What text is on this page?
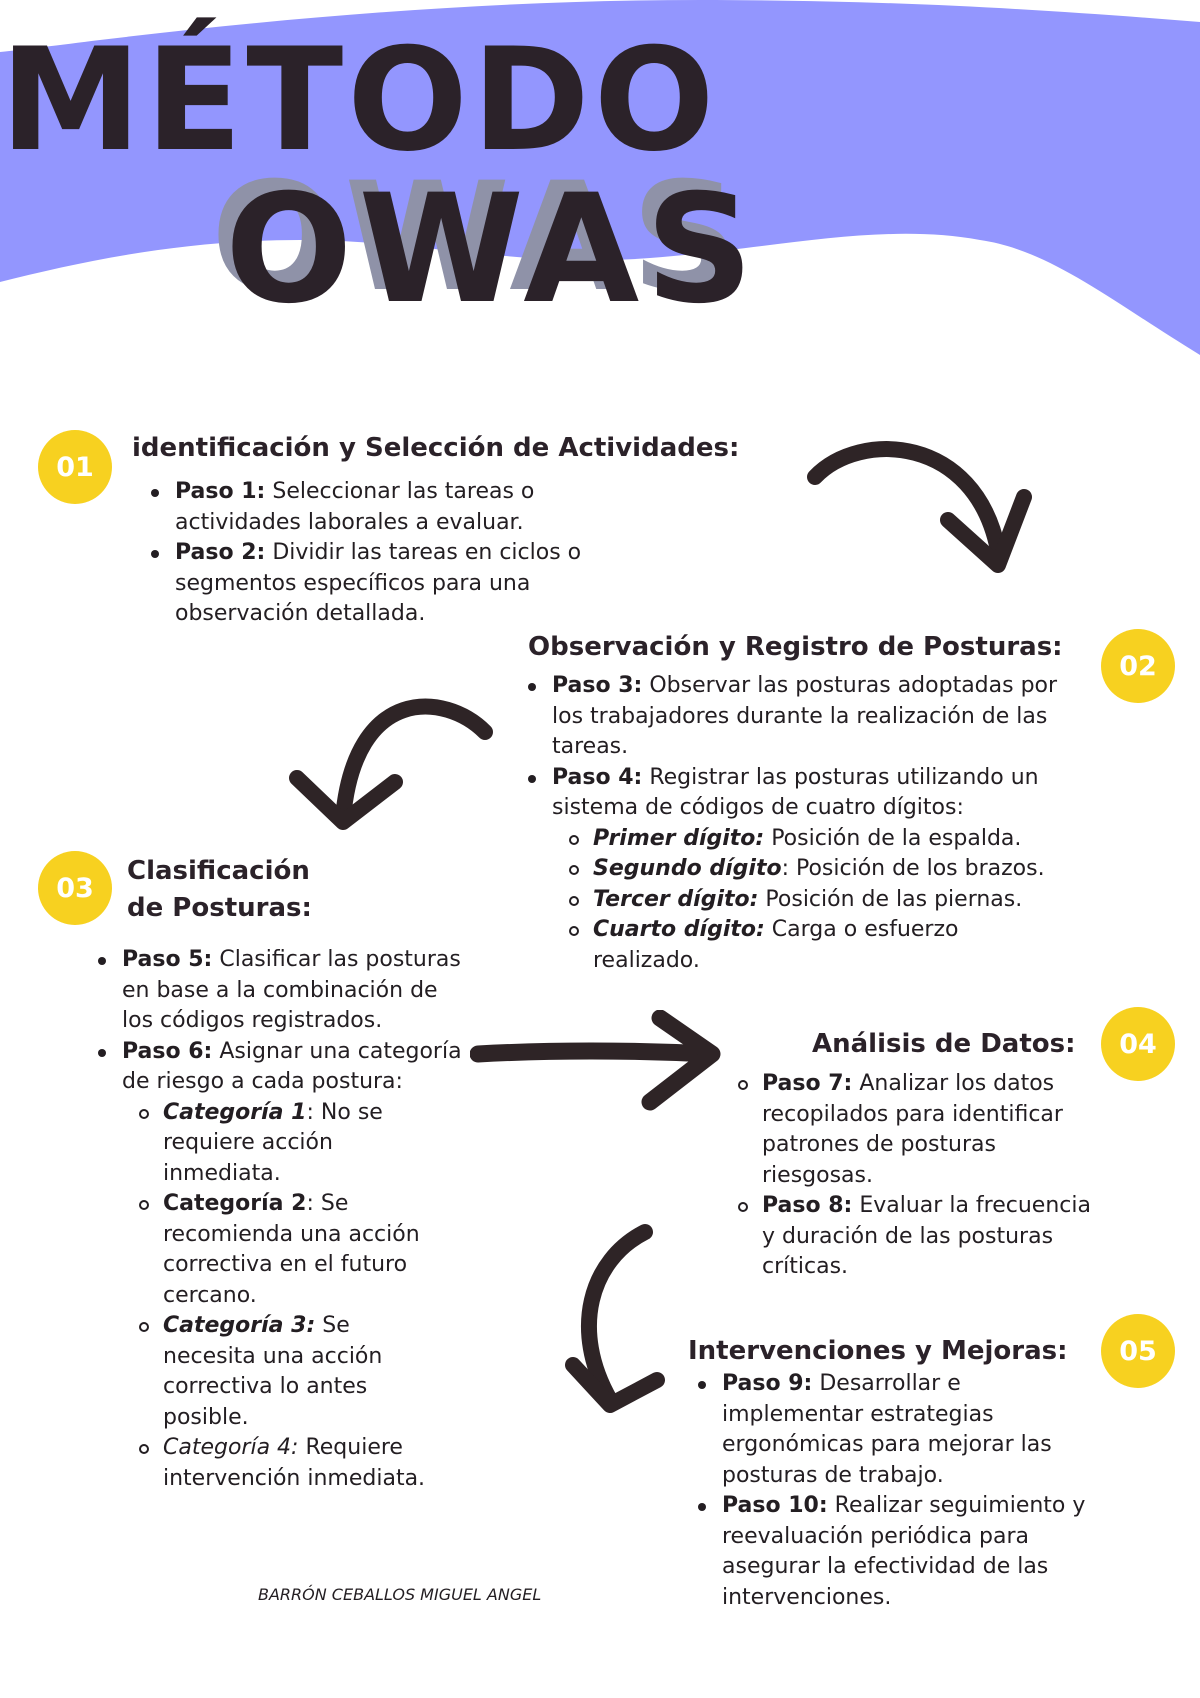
MÉTODO
OWAS
01
identificación y Selección de Actividades:
Paso 1: Seleccionar las tareas o actividades laborales a evaluar.
Paso 2: Dividir las tareas en ciclos o segmentos específicos para una observación detallada.
Observación y Registro de Posturas:
02
Paso 3: Observar las posturas adoptadas por los trabajadores durante la realización de las tareas.
Paso 4: Registrar las posturas utilizando un sistema de códigos de cuatro dígitos:
Primer dígito: Posición de la espalda.
Segundo dígito: Posición de los brazos.
Tercer dígito: Posición de las piernas.
Cuarto dígito: Carga o esfuerzo realizado.
03
Clasificación
de Posturas:
Paso 5: Clasificar las posturas en base a la combinación de los códigos registrados.
Paso 6: Asignar una categoría de riesgo a cada postura:
Categoría 1: No se requiere acción inmediata.
Categoría 2: Se recomienda una acción correctiva en el futuro cercano.
Categoría 3: Se necesita una acción correctiva lo antes posible.
Categoría 4: Requiere intervención inmediata.
Análisis de Datos:	04
Paso 7: Analizar los datos recopilados para identificar patrones de posturas riesgosas.
Paso 8: Evaluar la frecuencia y duración de las posturas críticas.
Intervenciones y Mejoras:	05
Paso 9: Desarrollar e implementar estrategias ergonómicas para mejorar las posturas de trabajo.
Paso 10: Realizar seguimiento y reevaluación periódica para asegurar la efectividad de las intervenciones.
BARRÓN CEBALLOS MIGUEL ANGEL
